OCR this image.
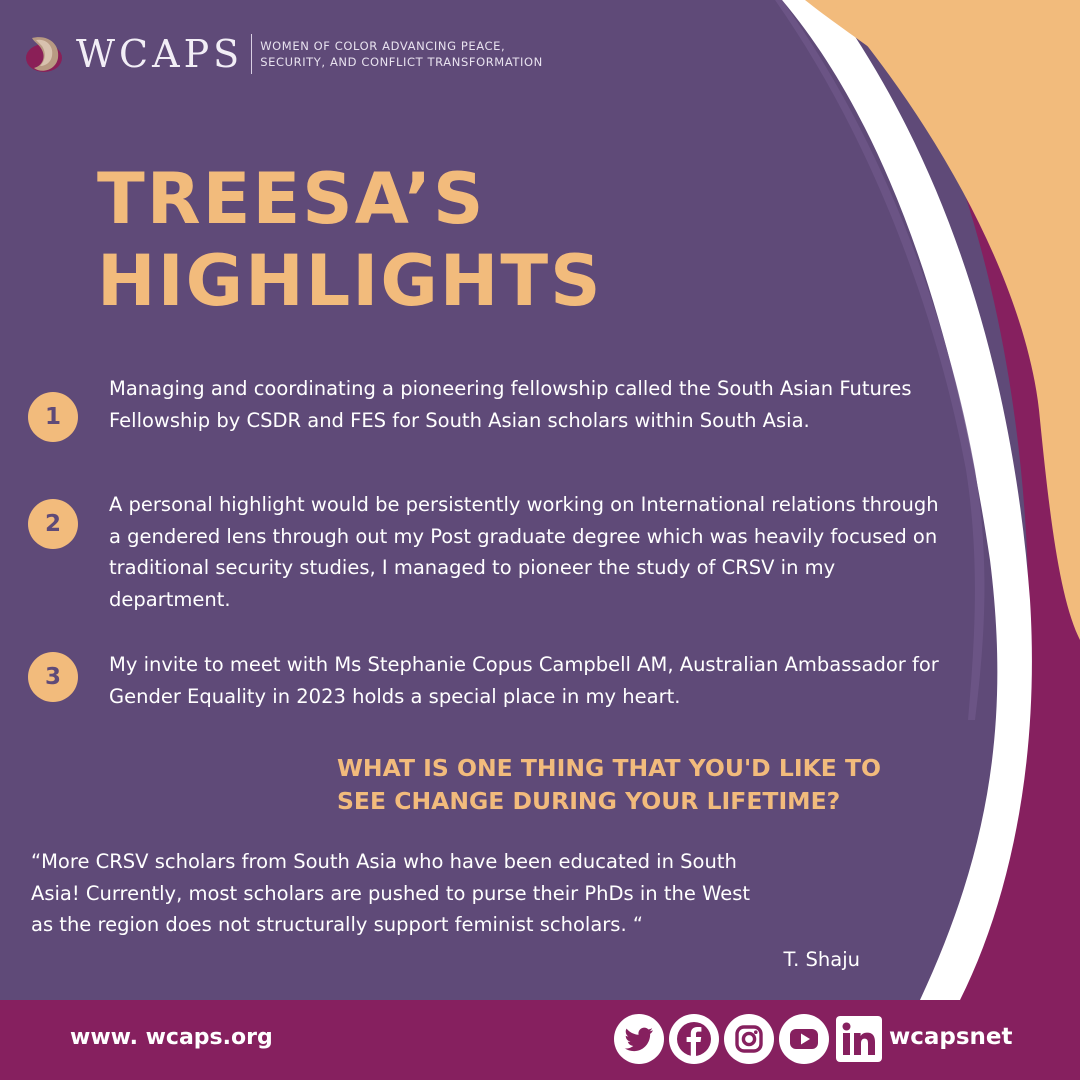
WCAPS WOMEN OF COLOR ADVANCING PEACE,
SECURITY, AND CONFLICT TRANSFORMATION
TREESA’S
HIGHLIGHTS
1

Managing and coordinating a pioneering fellowship called the South Asian Futures Fellowship by CSDR and FES for South Asian scholars within South Asia.

2

A personal highlight would be persistently working on International relations through a gendered lens through out my Post graduate degree which was heavily focused on traditional security studies, I managed to pioneer the study of CRSV in my department.

3	My invite to meet with Ms Stephanie Copus Campbell AM, Australian Ambassador for Gender Equality in 2023 holds a special place in my heart.

WHAT IS ONE THING THAT YOU'D LIKE TO
SEE CHANGE DURING YOUR LIFETIME?
“More CRSV scholars from South Asia who have been educated in South
Asia! Currently, most scholars are pushed to purse their PhDs in the West
as the region does not structurally support feminist scholars. “
T. Shaju
www. wcaps.org	wcapsnet
